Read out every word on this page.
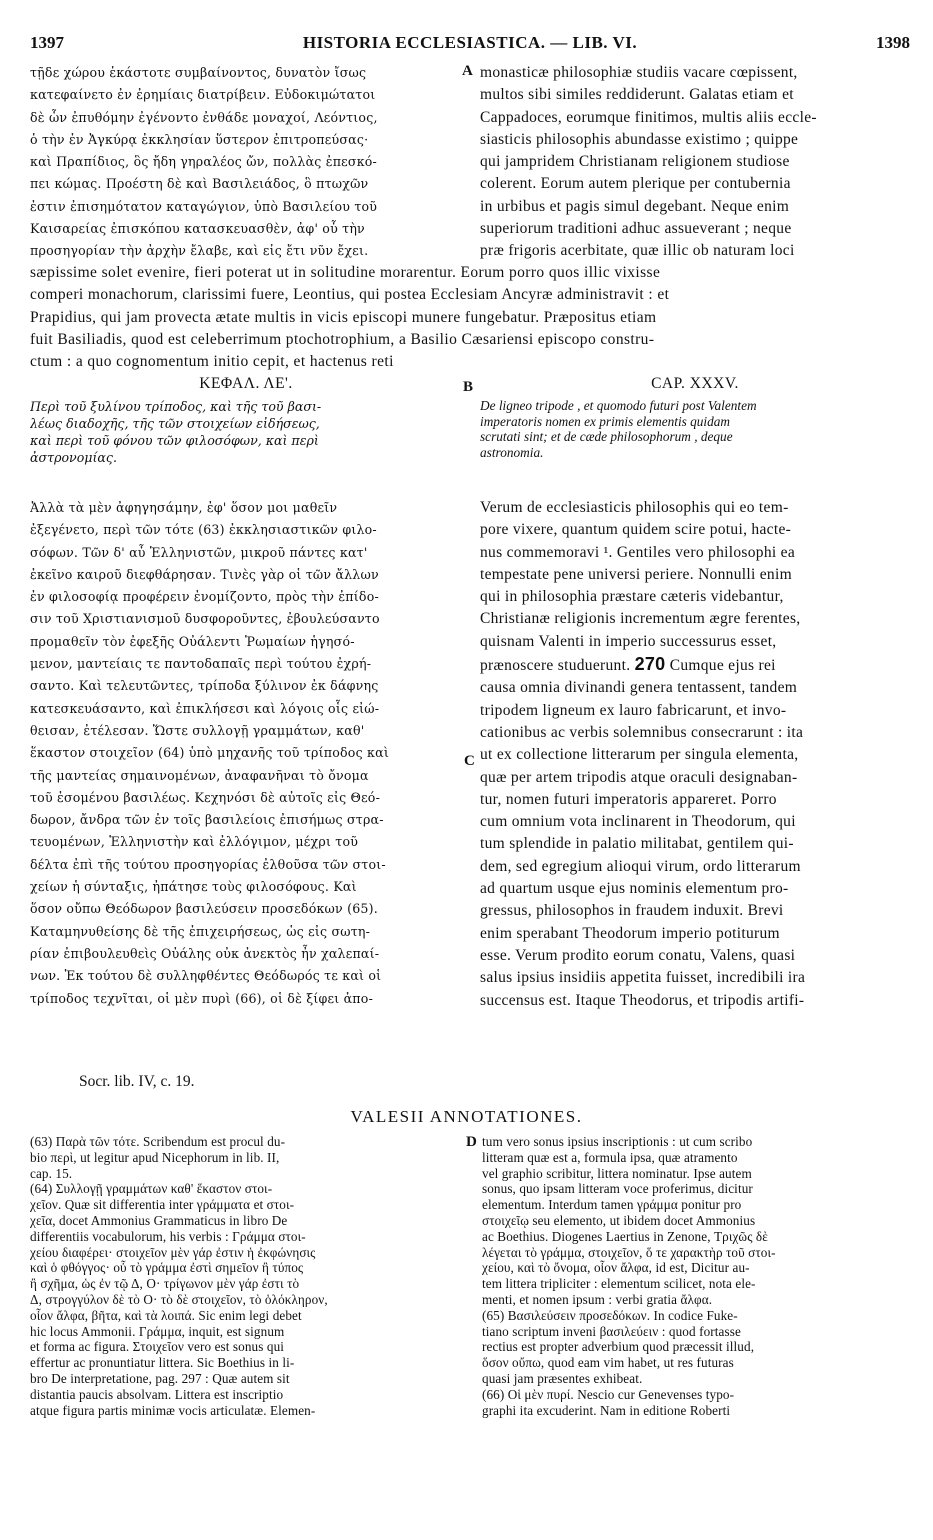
1397	HISTORIA ECCLESIASTICA. — LIB. VI.	1398
τῇδε χώρου ἑκάστοτε συμβαίνοντος, δυνατὸν ἴσως
κατεφαίνετο ἐν ἐρημίαις διατρίβειν. Εὐδοκιμώτατοι
δὲ ὧν ἐπυθόμην ἐγένοντο ἐνθάδε μοναχοί, Λεόντιος,
ὁ τὴν ἐν Ἀγκύρᾳ ἐκκλησίαν ὕστερον ἐπιτροπεύσας·
καὶ Πραπίδιος, ὃς ἤδη γηραλέος ὤν, πολλὰς ἐπεσκό-
πει κώμας. Προέστη δὲ καὶ Βασιλειάδος, ὃ πτωχῶν
ἐστιν ἐπισημότατον καταγώγιον, ὑπὸ Βασιλείου τοῦ
Καισαρείας ἐπισκόπου κατασκευασθὲν, ἀφ' οὗ τὴν
προσηγορίαν τὴν ἀρχὴν ἔλαβε, καὶ εἰς ἔτι νῦν ἔχει.
A monasticæ philosophiæ studiis vacare cœpissent,
multos sibi similes reddiderunt. Galatas etiam et
Cappadoces, eorumque finitimos, multis aliis eccle-
siasticis philosophis abundasse existimo ; quippe
qui jampridem Christianam religionem studiose
colerent. Eorum autem plerique per contubernia
in urbibus et pagis simul degebant. Neque enim
superiorum traditioni adhuc assueverant ; neque
præ frigoris acerbitate, quæ illic ob naturam loci
sæpissime solet evenire, fieri poterat ut in solitudine morarentur. Eorum porro quos illic vixisse
comperi monachorum, clarissimi fuere, Leontius, qui postea Ecclesiam Ancyræ administravit : et
Prapidius, qui jam provecta ætate multis in vicis episcopi munere fungebatur. Præpositus etiam
fuit Basiliadis, quod est celeberrimum ptochotrophium, a Basilio Cæsariensi episcopo constru-
ctum : a quo cognomentum initio cepit, et hactenus reti
ΚΕΦΑΛ. ΛΕ'.	B	CAP. XXXV.
Περὶ τοῦ ξυλίνου τρίποδος, καὶ τῆς τοῦ βασι-
λέως διαδοχῆς, τῆς τῶν στοιχείων εἰδήσεως,
καὶ περὶ τοῦ φόνου τῶν φιλοσόφων, καὶ περὶ
ἀστρονομίας.
De ligneo tripode , et quomodo futuri post Valentem
imperatoris nomen ex primis elementis quidam
scrutati sint; et de cæde philosophorum , deque
astronomia.
Ἀλλὰ τὰ μὲν ἀφηγησάμην, ἐφ' ὅσον μοι μαθεῖν
ἐξεγένετο, περὶ τῶν τότε (63) ἐκκλησιαστικῶν φιλο-
σόφων. Τῶν δ' αὖ Ἑλληνιστῶν, μικροῦ πάντες κατ'
ἐκεῖνο καιροῦ διεφθάρησαν. Τινὲς γὰρ οἱ τῶν ἄλλων
ἐν φιλοσοφίᾳ προφέρειν ἐνομίζοντο, πρὸς τὴν ἐπίδο-
σιν τοῦ Χριστιανισμοῦ δυσφοροῦντες, ἐβουλεύσαντο
προμαθεῖν τὸν ἐφεξῆς Οὐάλεντι Ῥωμαίων ἡγησό-
μενον, μαντείαις τε παντοδαπαῖς περὶ τούτου ἐχρή-
σαντο. Καὶ τελευτῶντες, τρίποδα ξύλινον ἐκ δάφνης
κατεσκευάσαντο, καὶ ἐπικλήσεσι καὶ λόγοις οἷς εἰώ-
θεισαν, ἐτέλεσαν. Ὥστε συλλογῇ γραμμάτων, καθ'
ἕκαστον στοιχεῖον (64) ὑπὸ μηχανῆς τοῦ τρίποδος καὶ
τῆς μαντείας σημαινομένων, ἀναφανῆναι τὸ ὄνομα
τοῦ ἐσομένου βασιλέως. Κεχηνόσι δὲ αὐτοῖς εἰς Θεό-
δωρον, ἄνδρα τῶν ἐν τοῖς βασιλείοις ἐπισήμως στρα-
τευομένων, Ἑλληνιστὴν καὶ ἐλλόγιμον, μέχρι τοῦ
δέλτα ἐπὶ τῆς τούτου προσηγορίας ἐλθοῦσα τῶν στοι-
χείων ἡ σύνταξις, ἠπάτησε τοὺς φιλοσόφους. Καὶ
ὅσον οὔπω Θεόδωρον βασιλεύσειν προσεδόκων (65).
Καταμηνυθείσης δὲ τῆς ἐπιχειρήσεως, ὡς εἰς σωτη-
ρίαν ἐπιβουλευθεὶς Οὐάλης οὐκ ἀνεκτὸς ἦν χαλεπαί-
νων. Ἐκ τούτου δὲ συλληφθέντες Θεόδωρός τε καὶ οἱ
τρίποδος τεχνῖται, οἱ μὲν πυρὶ (66), οἱ δὲ ξίφει ἀπο-
C
Verum de ecclesiasticis philosophis qui eo tem-
pore vixere, quantum quidem scire potui, hacte-
nus commemoravi ¹. Gentiles vero philosophi ea
tempestate pene universi periere. Nonnulli enim
qui in philosophia præstare cæteris videbantur,
Christianæ religionis incrementum ægre ferentes,
quisnam Valenti in imperio successurus esset,
prænoscere studuerunt. 270 Cumque ejus rei
causa omnia divinandi genera tentassent, tandem
tripodem ligneum ex lauro fabricarunt, et invo-
cationibus ac verbis solemnibus consecrarunt : ita
ut ex collectione litterarum per singula elementa,
quæ per artem tripodis atque oraculi designaban-
tur, nomen futuri imperatoris appareret. Porro
cum omnium vota inclinarent in Theodorum, qui
tum splendide in palatio militabat, gentilem qui-
dem, sed egregium alioqui virum, ordo litterarum
ad quartum usque ejus nominis elementum pro-
gressus, philosophos in fraudem induxit. Brevi
enim sperabant Theodorum imperio potiturum
esse. Verum prodito eorum conatu, Valens, quasi
salus ipsius insidiis appetita fuisset, incredibili ira
succensus est. Itaque Theodorus, et tripodis artifi-
Socr. lib. IV, c. 19.
VALESII ANNOTATIONES.
(63) Παρὰ τῶν τότε. Scribendum est procul du-
bio περὶ, ut legitur apud Nicephorum in lib. II,
cap. 15.
(64) Συλλογῇ γραμμάτων καθ' ἕκαστον στοι-
χεῖον. Quæ sit differentia inter γράμματα et στοι-
χεῖα, docet Ammonius Grammaticus in libro De
differentiis vocabulorum, his verbis : Γράμμα στοι-
χείου διαφέρει· στοιχεῖον μὲν γάρ ἐστιν ἡ ἐκφώνησις
καὶ ὁ φθόγγος· οὗ τὸ γράμμα ἐστὶ σημεῖον ἢ τύπος
ἢ σχῆμα, ὡς ἐν τῷ Δ, Ο· τρίγωνον μὲν γάρ ἐστι τὸ
Δ, στρογγύλον δὲ τὸ Ο· τὸ δὲ στοιχεῖον, τὸ ὁλόκληρον,
οἷον ἄλφα, βῆτα, καὶ τὰ λοιπά. Sic enim legi debet
hic locus Ammonii. Γράμμα, inquit, est signum
et forma ac figura. Στοιχεῖον vero est sonus qui
effertur ac pronuntiatur littera. Sic Boethius in li-
bro De interpretatione, pag. 297 : Quæ autem sit
distantia paucis absolvam. Littera est inscriptio
atque figura partis minimæ vocis articulatæ. Elemen-
D tum vero sonus ipsius inscriptionis : ut cum scribo
litteram quæ est a, formula ipsa, quæ atramento
vel graphio scribitur, littera nominatur. Ipse autem
sonus, quo ipsam litteram voce proferimus, dicitur
elementum. Interdum tamen γράμμα ponitur pro
στοιχεῖῳ seu elemento, ut ibidem docet Ammonius
ac Boethius. Diogenes Laertius in Zenone, Τριχῶς δὲ
λέγεται τὸ γράμμα, στοιχεῖον, ὅ τε χαρακτὴρ τοῦ στοι-
χείου, καὶ τὸ ὄνομα, οἷον ἄλφα, id est, Dicitur au-
tem littera tripliciter : elementum scilicet, nota ele-
menti, et nomen ipsum : verbi gratia ἄλφα.
(65) Βασιλεύσειν προσεδόκων. In codice Fuke-
tiano scriptum inveni βασιλεύειν : quod fortasse
rectius est propter adverbium quod præcessit illud,
ὅσον οὔπω, quod eam vim habet, ut res futuras
quasi jam præsentes exhibeat.
(66) Οἱ μὲν πυρί. Nescio cur Genevenses typo-
graphi ita excuderint. Nam in editione Roberti
